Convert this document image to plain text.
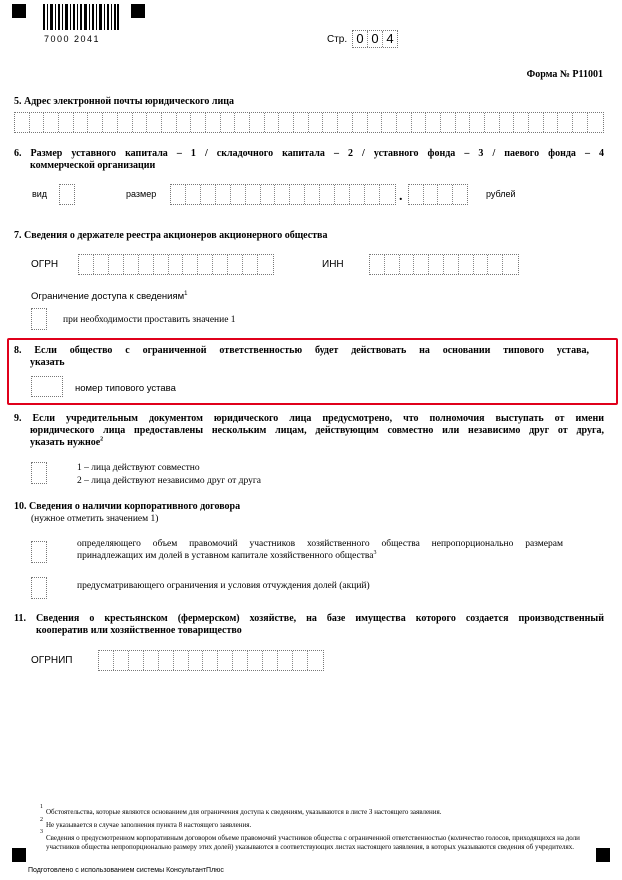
7000 2041	Стр. 0 0 4
Форма № Р11001
5. Адрес электронной почты юридического лица
6. Размер уставного капитала – 1 / складочного капитала – 2 / уставного фонда – 3 / паевого фонда – 4
коммерческой организации
вид	размер	.	рублей
7. Сведения о держателе реестра акционеров акционерного общества
ОГРН	ИНН
Ограничение доступа к сведениям$^1$
при необходимости проставить значение 1
8. Если общество с ограниченной ответственностью будет действовать на основании типового устава,
указать
номер типового устава
9. Если учредительным документом юридического лица предусмотрено, что полномочия выступать от имени
юридического лица предоставлены нескольким лицам, действующим совместно или независимо друг от друга,
указать нужное$^2$
1 – лица действуют совместно
2 – лица действуют независимо друг от друга
10. Сведения о наличии корпоративного договора
(нужное отметить значением 1)
определяющего объем правомочий участников хозяйственного общества непропорционально размерам
принадлежащих им долей в уставном капитале хозяйственного общества$^3$
предусматривающего ограничения и условия отчуждения долей (акций)
11. Сведения о крестьянском (фермерском) хозяйстве, на базе имущества которого создается производственный
кооператив или хозяйственное товарищество
ОГРНИП
1
Обстоятельства, которые являются основанием для ограничения доступа к сведениям, указываются в листе З настоящего заявления.
2
Не указывается в случае заполнения пункта 8 настоящего заявления.
3
Сведения о предусмотренном корпоративным договором объеме правомочий участников общества с ограниченной ответственностью (количество голосов, приходящихся на доли участников общества непропорционально размеру этих долей) указываются в соответствующих листах настоящего заявления, в которых указываются сведения об учредителях.
Подготовлено с использованием системы КонсультантПлюс
